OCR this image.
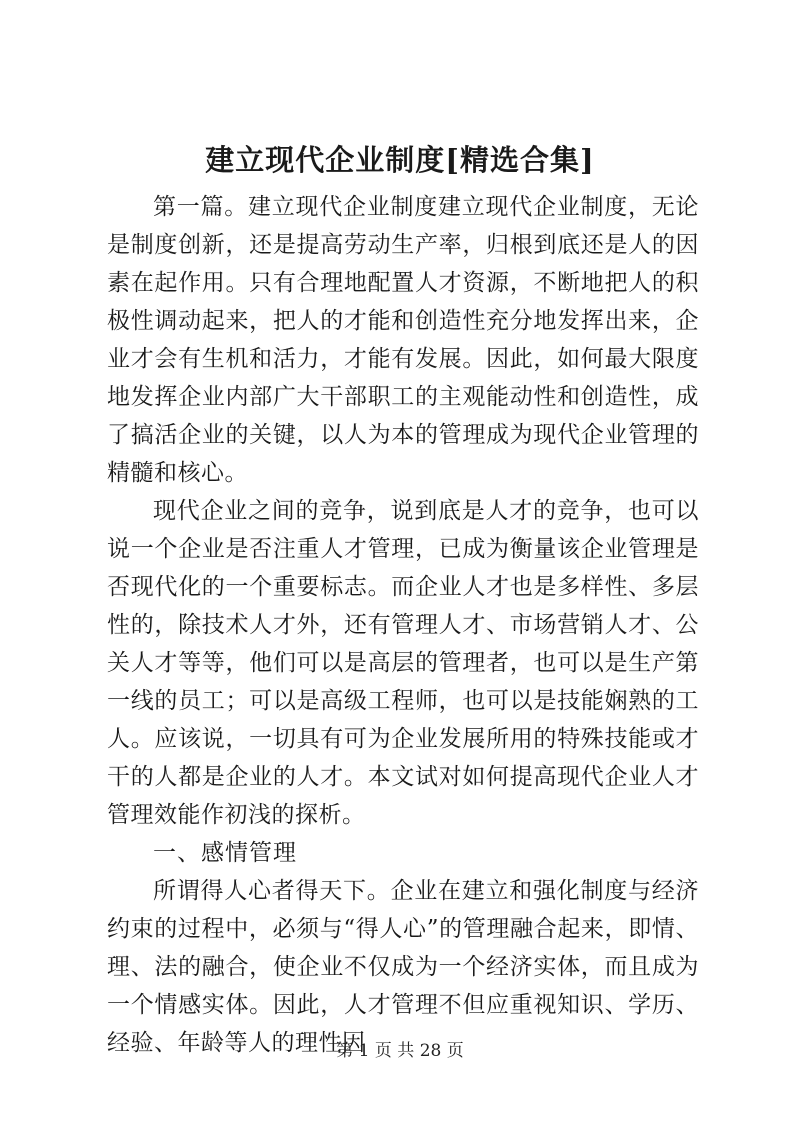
建立现代企业制度[精选合集]

第一篇。建立现代企业制度建立现代企业制度，无论是制度创新，还是提高劳动生产率，归根到底还是人的因素在起作用。只有合理地配置人才资源，不断地把人的积极性调动起来，把人的才能和创造性充分地发挥出来，企业才会有生机和活力，才能有发展。因此，如何最大限度地发挥企业内部广大干部职工的主观能动性和创造性，成了搞活企业的关键，以人为本的管理成为现代企业管理的精髓和核心。

现代企业之间的竞争，说到底是人才的竞争，也可以说一个企业是否注重人才管理，已成为衡量该企业管理是否现代化的一个重要标志。而企业人才也是多样性、多层性的，除技术人才外，还有管理人才、市场营销人才、公关人才等等，他们可以是高层的管理者，也可以是生产第一线的员工；可以是高级工程师，也可以是技能娴熟的工人。应该说，一切具有可为企业发展所用的特殊技能或才干的人都是企业的人才。本文试对如何提高现代企业人才管理效能作初浅的探析。

一、感情管理

所谓得人心者得天下。企业在建立和强化制度与经济约束的过程中，必须与“得人心”的管理融合起来，即情、理、法的融合，使企业不仅成为一个经济实体，而且成为一个情感实体。因此，人才管理不但应重视知识、学历、经验、年龄等人的理性因

第 1 页 共 28 页
